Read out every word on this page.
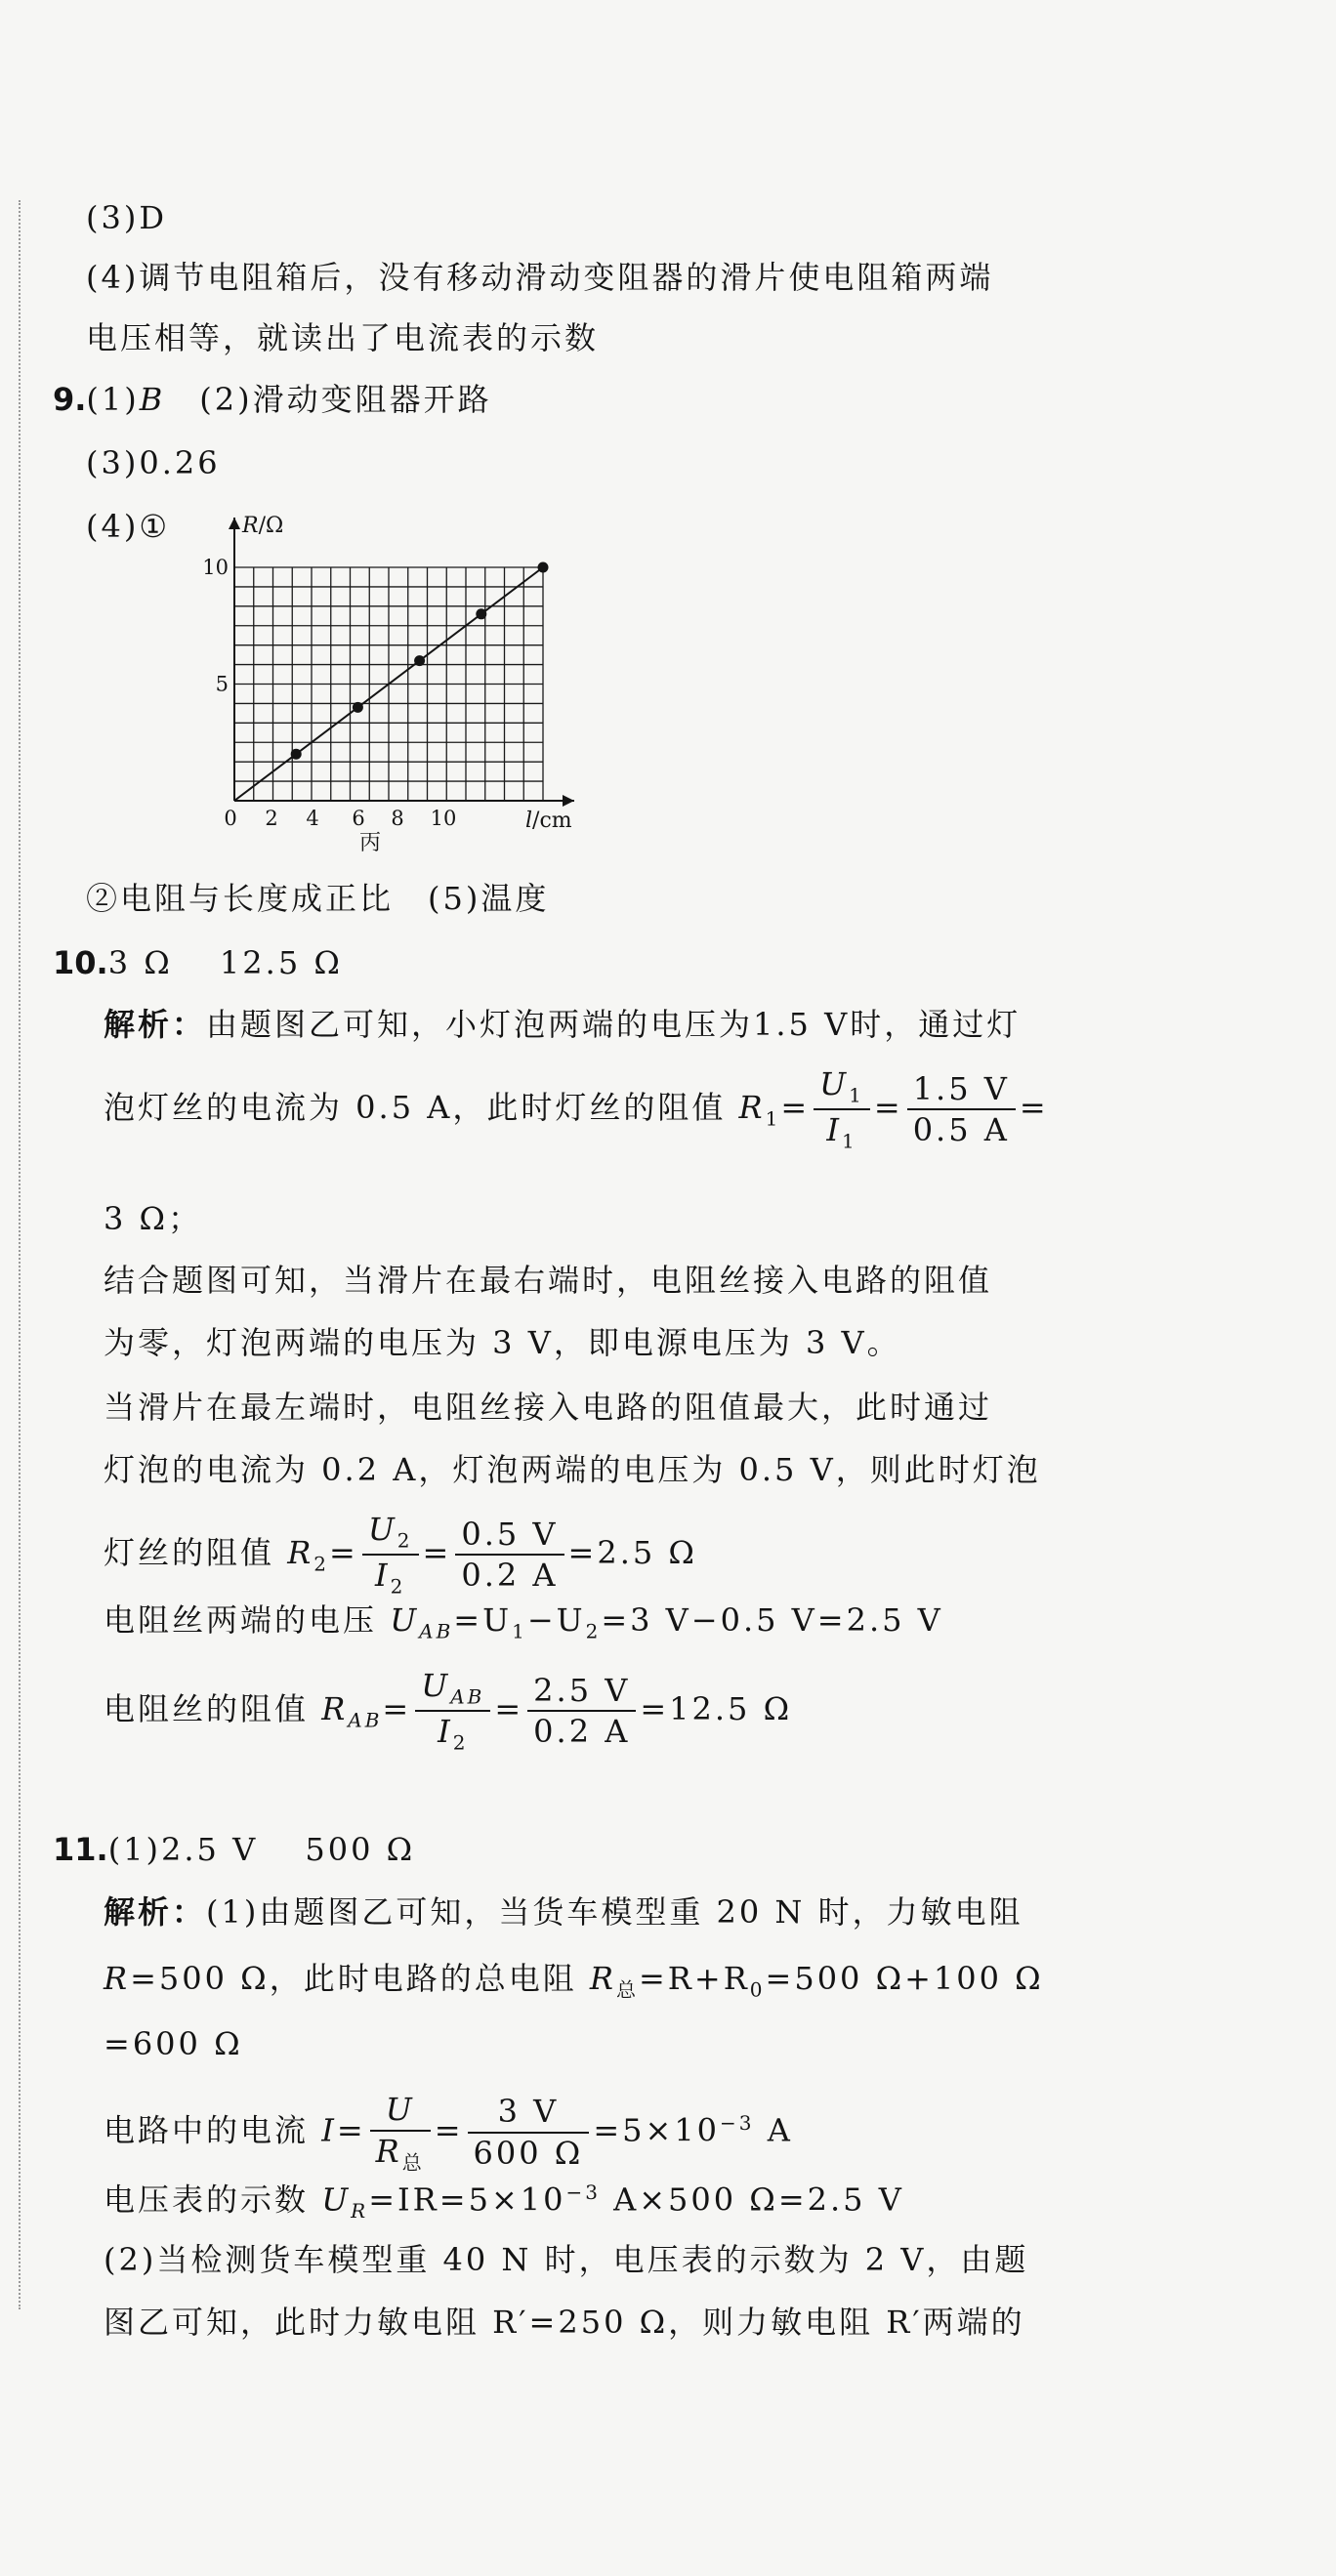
(3)D
(4)调节电阻箱后，没有移动滑动变阻器的滑片使电阻箱两端
电压相等，就读出了电流表的示数
9.(1)B　 (2)滑动变阻器开路
(3)0.26
(4)①
0 2 4 6 8 10
5
10
R/Ω
l/cm
丙
②电阻与长度成正比　(5)温度
10.3 Ω　 12.5 Ω
解析：由题图乙可知，小灯泡两端的电压为1.5 V时，通过灯
泡灯丝的电流为 0.5 A，此时灯丝的阻值 $R_1= \frac{U_1}{I_1} = \frac{1.5 V}{0.5 A}$ =
3 Ω；
结合题图可知，当滑片在最右端时，电阻丝接入电路的阻值
为零，灯泡两端的电压为 3 V，即电源电压为 3 V。
当滑片在最左端时，电阻丝接入电路的阻值最大，此时通过
灯泡的电流为 0.2 A，灯泡两端的电压为 0.5 V，则此时灯泡
灯丝的阻值 $R_2= \frac{U_2}{I_2} = \frac{0.5 V}{0.2 A} =2.5$ Ω
电阻丝两端的电压 $U_{AB}=U_1-U_2=3$ V−0.5 V=2.5 V
电阻丝的阻值 $R_{AB}= \frac{U_{AB}}{I_2} = \frac{2.5 V}{0.2 A} =12.5$ Ω
11.(1)2.5 V　 500 Ω
解析：(1)由题图乙可知，当货车模型重 20 N 时，力敏电阻
R=500 Ω，此时电路的总电阻 $R_总=R+R_0=500$ Ω+100 Ω
=600 Ω
电路中的电流 $I= \frac{U}{R_总} = \frac{3 V}{600 \Omega} =5\times 10^{-3}$ A
电压表的示数 $U_R=IR=5\times 10^{-3}$ A×500 Ω=2.5 V
(2)当检测货车模型重 40 N 时，电压表的示数为 2 V，由题
图乙可知，此时力敏电阻 R′=250 Ω，则力敏电阻 R′两端的
